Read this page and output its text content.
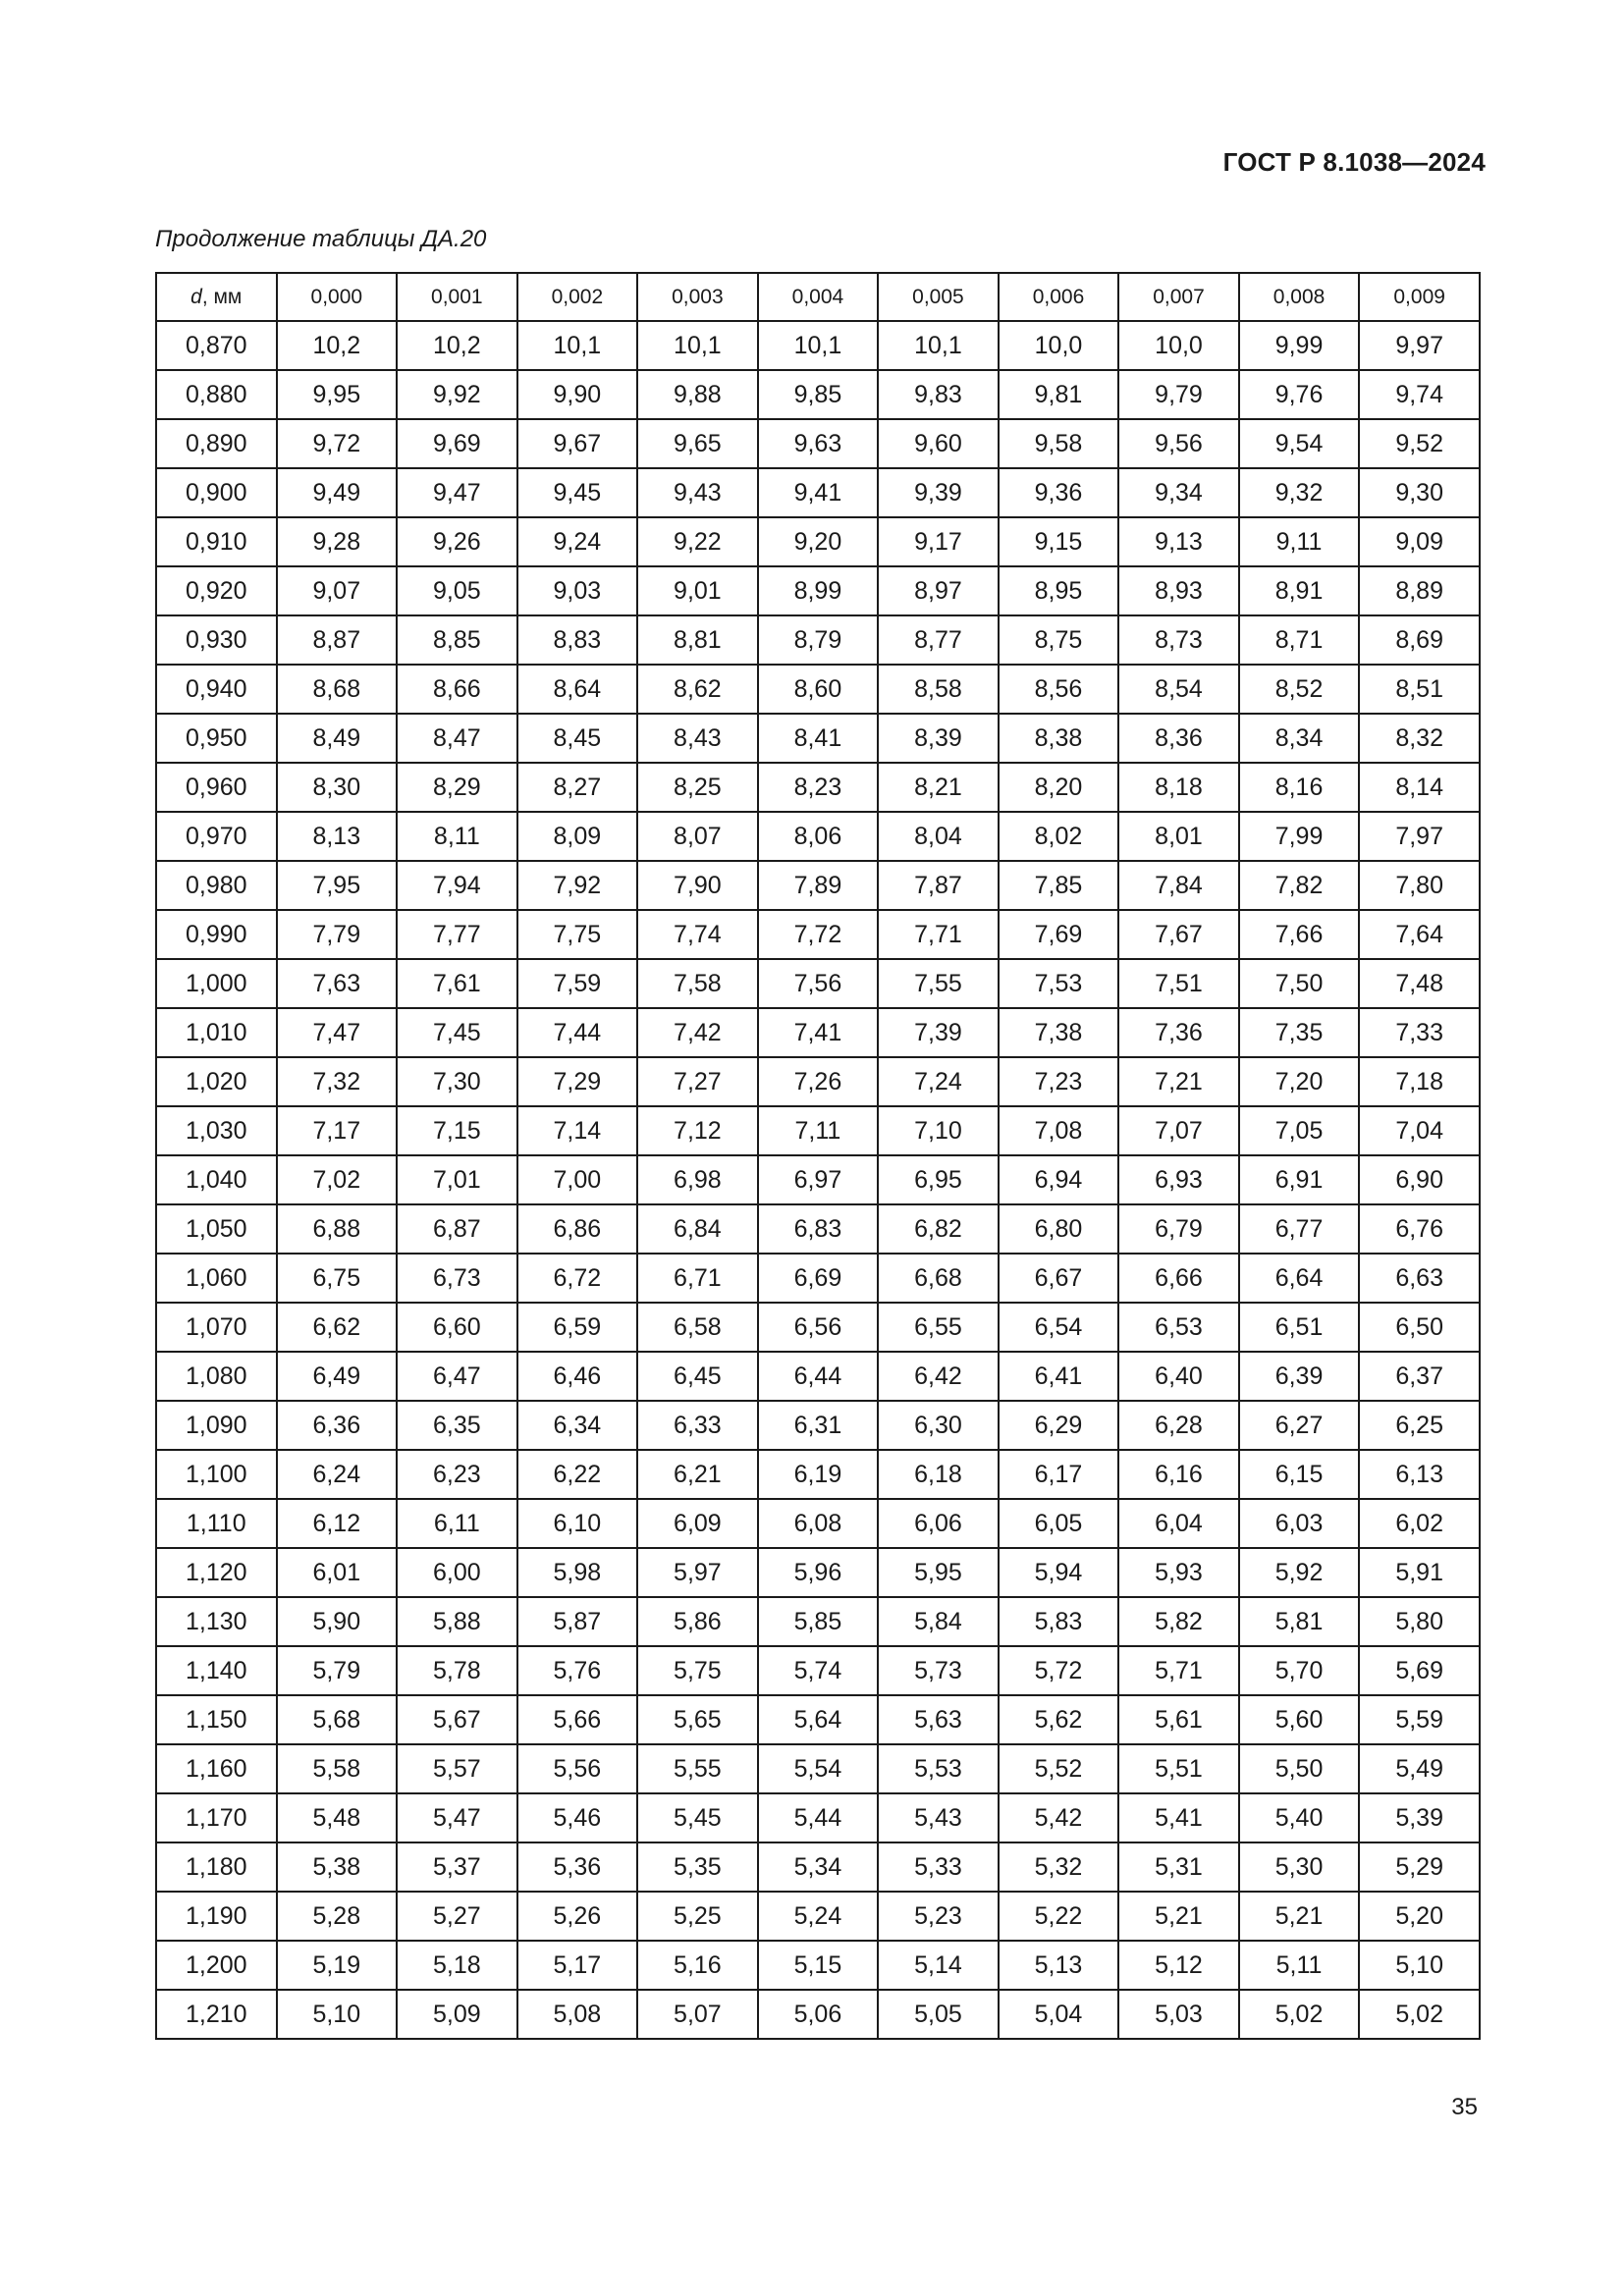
ГОСТ Р 8.1038—2024
Продолжение таблицы ДА.20
d, мм	0,000	0,001	0,002	0,003	0,004	0,005	0,006	0,007	0,008	0,009
0,870	10,2	10,2	10,1	10,1	10,1	10,1	10,0	10,0	9,99	9,97
0,880	9,95	9,92	9,90	9,88	9,85	9,83	9,81	9,79	9,76	9,74
0,890	9,72	9,69	9,67	9,65	9,63	9,60	9,58	9,56	9,54	9,52
0,900	9,49	9,47	9,45	9,43	9,41	9,39	9,36	9,34	9,32	9,30
0,910	9,28	9,26	9,24	9,22	9,20	9,17	9,15	9,13	9,11	9,09
0,920	9,07	9,05	9,03	9,01	8,99	8,97	8,95	8,93	8,91	8,89
0,930	8,87	8,85	8,83	8,81	8,79	8,77	8,75	8,73	8,71	8,69
0,940	8,68	8,66	8,64	8,62	8,60	8,58	8,56	8,54	8,52	8,51
0,950	8,49	8,47	8,45	8,43	8,41	8,39	8,38	8,36	8,34	8,32
0,960	8,30	8,29	8,27	8,25	8,23	8,21	8,20	8,18	8,16	8,14
0,970	8,13	8,11	8,09	8,07	8,06	8,04	8,02	8,01	7,99	7,97
0,980	7,95	7,94	7,92	7,90	7,89	7,87	7,85	7,84	7,82	7,80
0,990	7,79	7,77	7,75	7,74	7,72	7,71	7,69	7,67	7,66	7,64
1,000	7,63	7,61	7,59	7,58	7,56	7,55	7,53	7,51	7,50	7,48
1,010	7,47	7,45	7,44	7,42	7,41	7,39	7,38	7,36	7,35	7,33
1,020	7,32	7,30	7,29	7,27	7,26	7,24	7,23	7,21	7,20	7,18
1,030	7,17	7,15	7,14	7,12	7,11	7,10	7,08	7,07	7,05	7,04
1,040	7,02	7,01	7,00	6,98	6,97	6,95	6,94	6,93	6,91	6,90
1,050	6,88	6,87	6,86	6,84	6,83	6,82	6,80	6,79	6,77	6,76
1,060	6,75	6,73	6,72	6,71	6,69	6,68	6,67	6,66	6,64	6,63
1,070	6,62	6,60	6,59	6,58	6,56	6,55	6,54	6,53	6,51	6,50
1,080	6,49	6,47	6,46	6,45	6,44	6,42	6,41	6,40	6,39	6,37
1,090	6,36	6,35	6,34	6,33	6,31	6,30	6,29	6,28	6,27	6,25
1,100	6,24	6,23	6,22	6,21	6,19	6,18	6,17	6,16	6,15	6,13
1,110	6,12	6,11	6,10	6,09	6,08	6,06	6,05	6,04	6,03	6,02
1,120	6,01	6,00	5,98	5,97	5,96	5,95	5,94	5,93	5,92	5,91
1,130	5,90	5,88	5,87	5,86	5,85	5,84	5,83	5,82	5,81	5,80
1,140	5,79	5,78	5,76	5,75	5,74	5,73	5,72	5,71	5,70	5,69
1,150	5,68	5,67	5,66	5,65	5,64	5,63	5,62	5,61	5,60	5,59
1,160	5,58	5,57	5,56	5,55	5,54	5,53	5,52	5,51	5,50	5,49
1,170	5,48	5,47	5,46	5,45	5,44	5,43	5,42	5,41	5,40	5,39
1,180	5,38	5,37	5,36	5,35	5,34	5,33	5,32	5,31	5,30	5,29
1,190	5,28	5,27	5,26	5,25	5,24	5,23	5,22	5,21	5,21	5,20
1,200	5,19	5,18	5,17	5,16	5,15	5,14	5,13	5,12	5,11	5,10
1,210	5,10	5,09	5,08	5,07	5,06	5,05	5,04	5,03	5,02	5,02
35
